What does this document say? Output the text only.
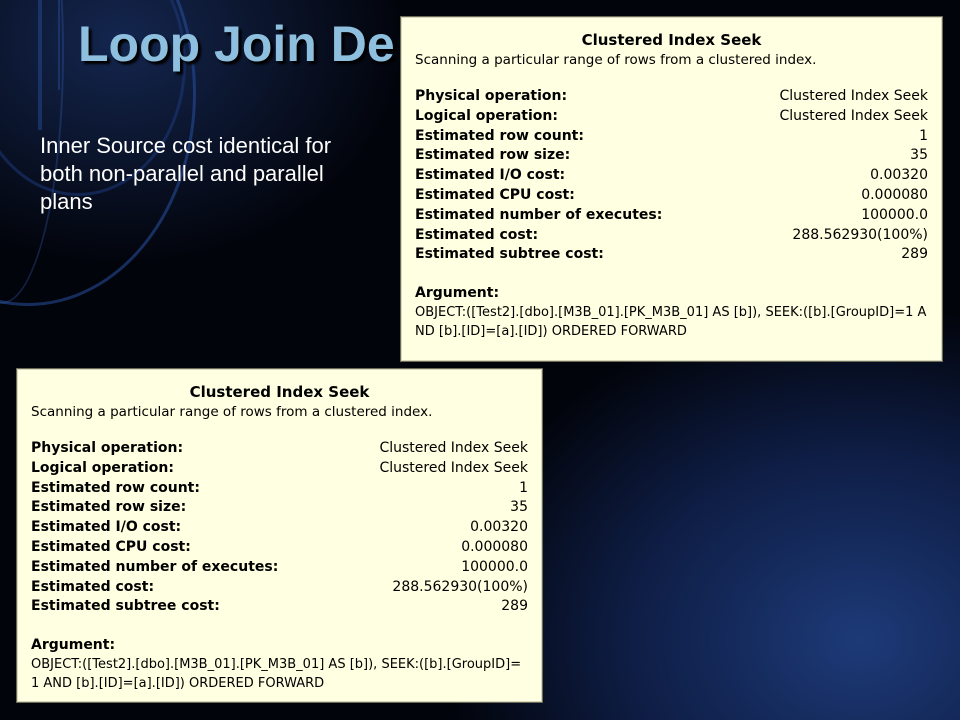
Loop Join De
Inner Source cost identical for both non-parallel and parallel plans
Clustered Index Seek
Scanning a particular range of rows from a clustered index.
Physical operation:	Clustered Index Seek
Logical operation:	Clustered Index Seek
Estimated row count:	1
Estimated row size:	35
Estimated I/O cost:	0.00320
Estimated CPU cost:	0.000080
Estimated number of executes:	100000.0
Estimated cost:	288.562930(100%)
Estimated subtree cost:	289
Argument:
OBJECT:([Test2].[dbo].[M3B_01].[PK_M3B_01] AS [b]), SEEK:([b].[GroupID]=1 AND [b].[ID]=[a].[ID]) ORDERED FORWARD
Clustered Index Seek
Scanning a particular range of rows from a clustered index.
Physical operation:	Clustered Index Seek
Logical operation:	Clustered Index Seek
Estimated row count:	1
Estimated row size:	35
Estimated I/O cost:	0.00320
Estimated CPU cost:	0.000080
Estimated number of executes:	100000.0
Estimated cost:	288.562930(100%)
Estimated subtree cost:	289
Argument:
OBJECT:([Test2].[dbo].[M3B_01].[PK_M3B_01] AS [b]), SEEK:([b].[GroupID]=1 AND [b].[ID]=[a].[ID]) ORDERED FORWARD
